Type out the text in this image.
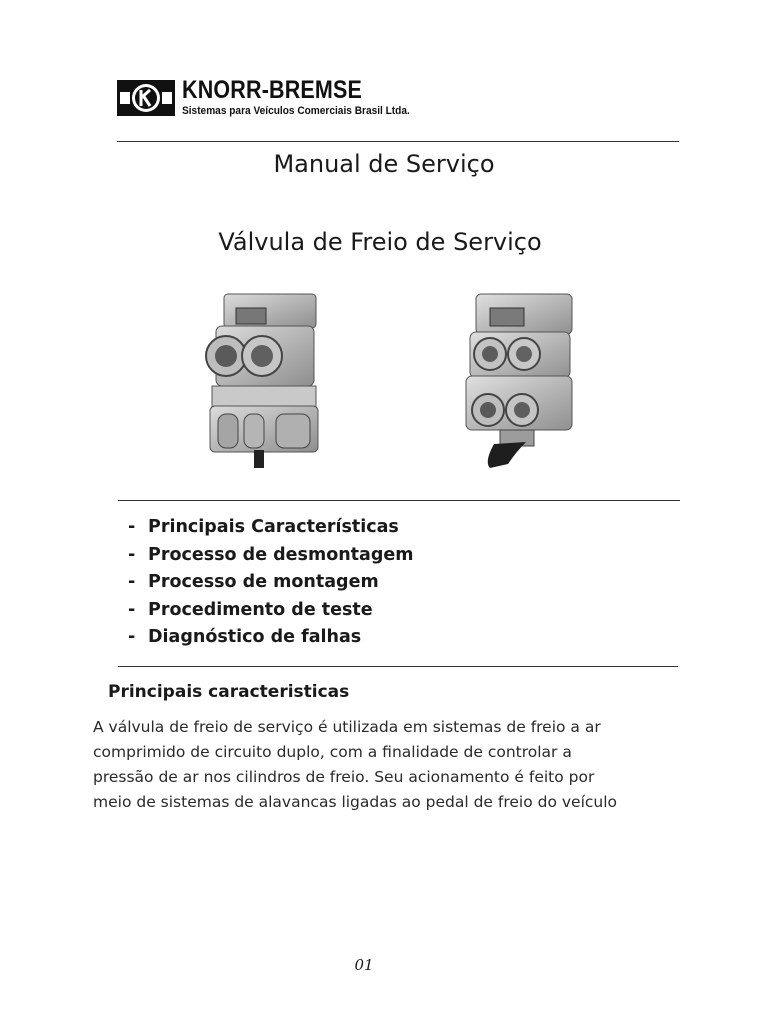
KNORR-BREMSE
Sistemas para Veículos Comerciais Brasil Ltda.
Manual de Serviço
Válvula de Freio de Serviço
- Principais Características
- Processo de desmontagem
- Processo de montagem
- Procedimento de teste
- Diagnóstico de falhas
Principais caracteristicas
A válvula de freio de serviço é utilizada em sistemas de freio a ar
comprimido de circuito duplo, com a finalidade de controlar a
pressão de ar nos cilindros de freio. Seu acionamento é feito por
meio de sistemas de alavancas ligadas ao pedal de freio do veículo
01
